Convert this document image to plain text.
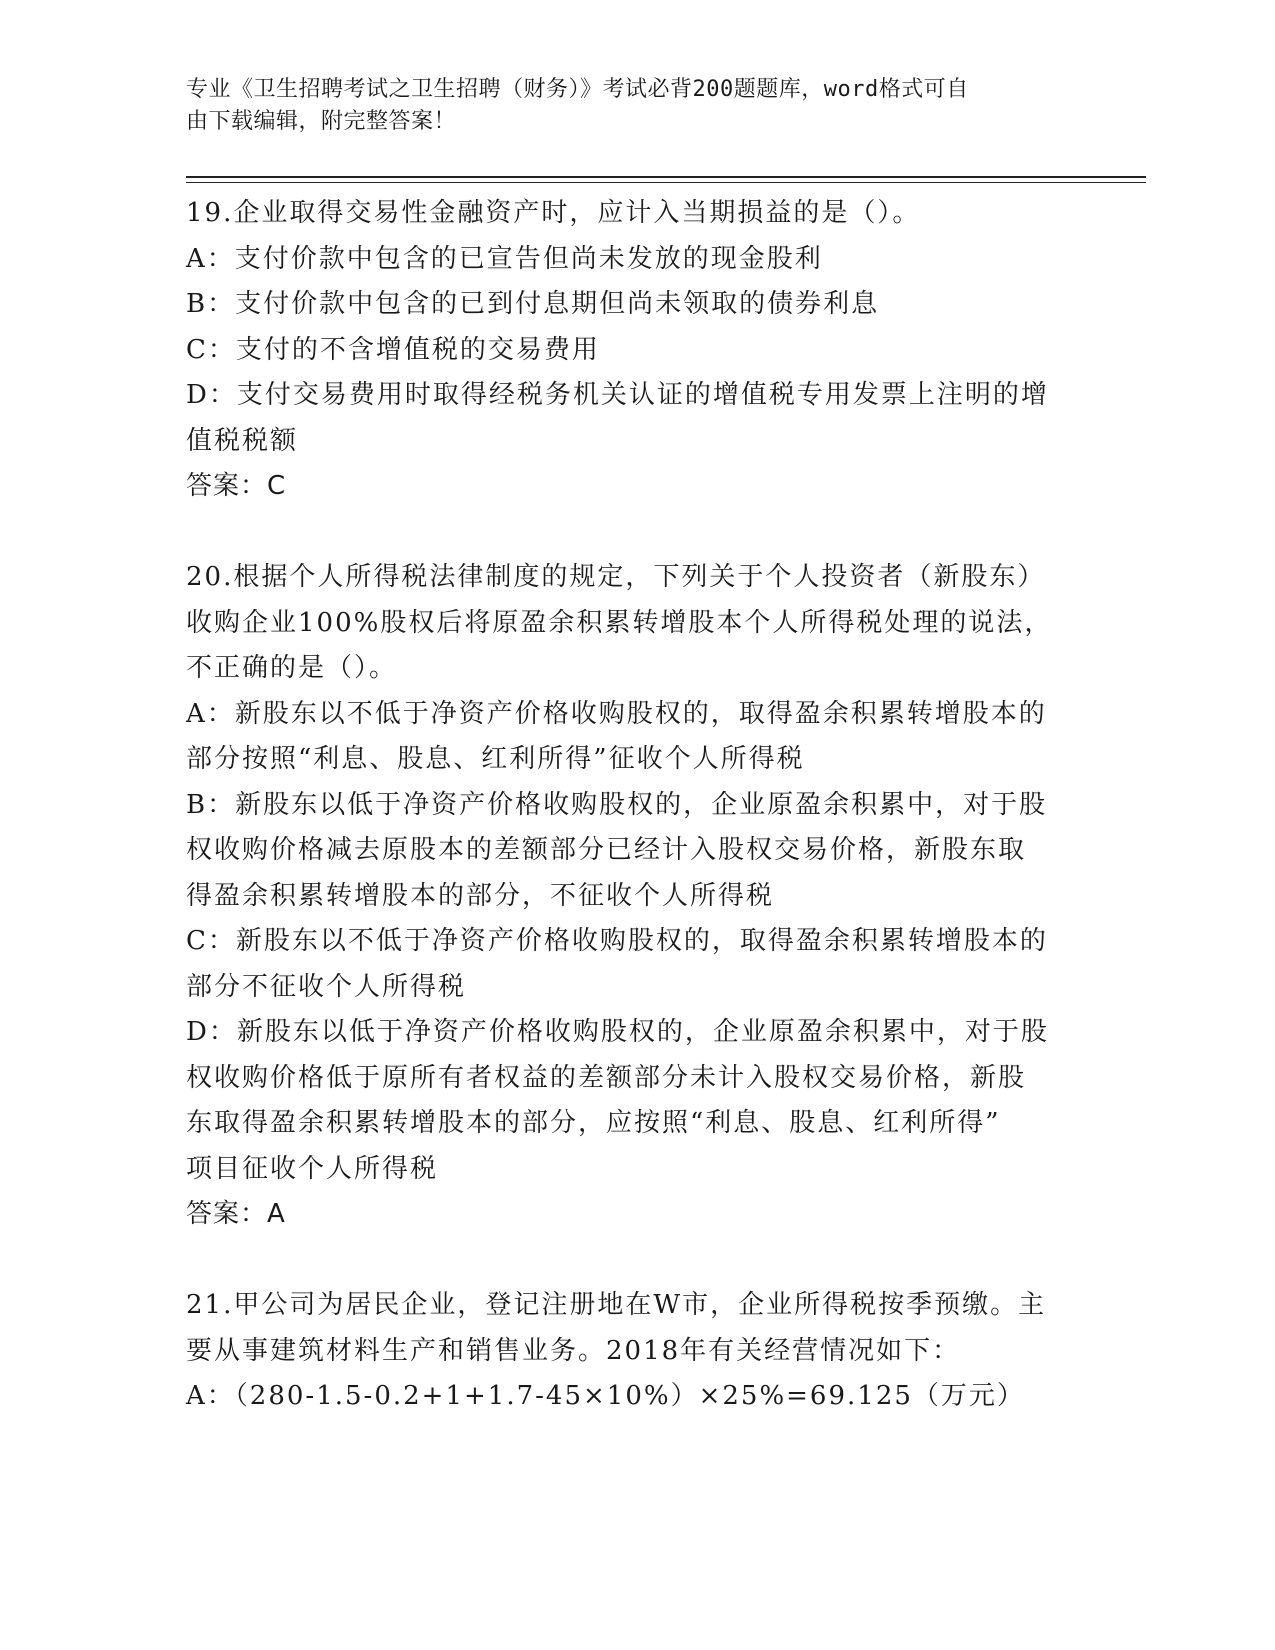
专业《卫生招聘考试之卫生招聘（财务）》考试必背200题题库，word格式可自
由下载编辑，附完整答案！
19.企业取得交易性金融资产时，应计入当期损益的是（）。
A：支付价款中包含的已宣告但尚未发放的现金股利
B：支付价款中包含的已到付息期但尚未领取的债券利息
C：支付的不含增值税的交易费用
D：支付交易费用时取得经税务机关认证的增值税专用发票上注明的增
值税税额
答案：C
20.根据个人所得税法律制度的规定，下列关于个人投资者（新股东）
收购企业100%股权后将原盈余积累转增股本个人所得税处理的说法，
不正确的是（）。
A：新股东以不低于净资产价格收购股权的，取得盈余积累转增股本的
部分按照“利息、股息、红利所得”征收个人所得税
B：新股东以低于净资产价格收购股权的，企业原盈余积累中，对于股
权收购价格减去原股本的差额部分已经计入股权交易价格，新股东取
得盈余积累转增股本的部分，不征收个人所得税
C：新股东以不低于净资产价格收购股权的，取得盈余积累转增股本的
部分不征收个人所得税
D：新股东以低于净资产价格收购股权的，企业原盈余积累中，对于股
权收购价格低于原所有者权益的差额部分未计入股权交易价格，新股
东取得盈余积累转增股本的部分，应按照“利息、股息、红利所得”
项目征收个人所得税
答案：A
21.甲公司为居民企业，登记注册地在W市，企业所得税按季预缴。主
要从事建筑材料生产和销售业务。2018年有关经营情况如下：
A：（280-1.5-0.2+1+1.7-45×10%）×25%=69.125（万元）
